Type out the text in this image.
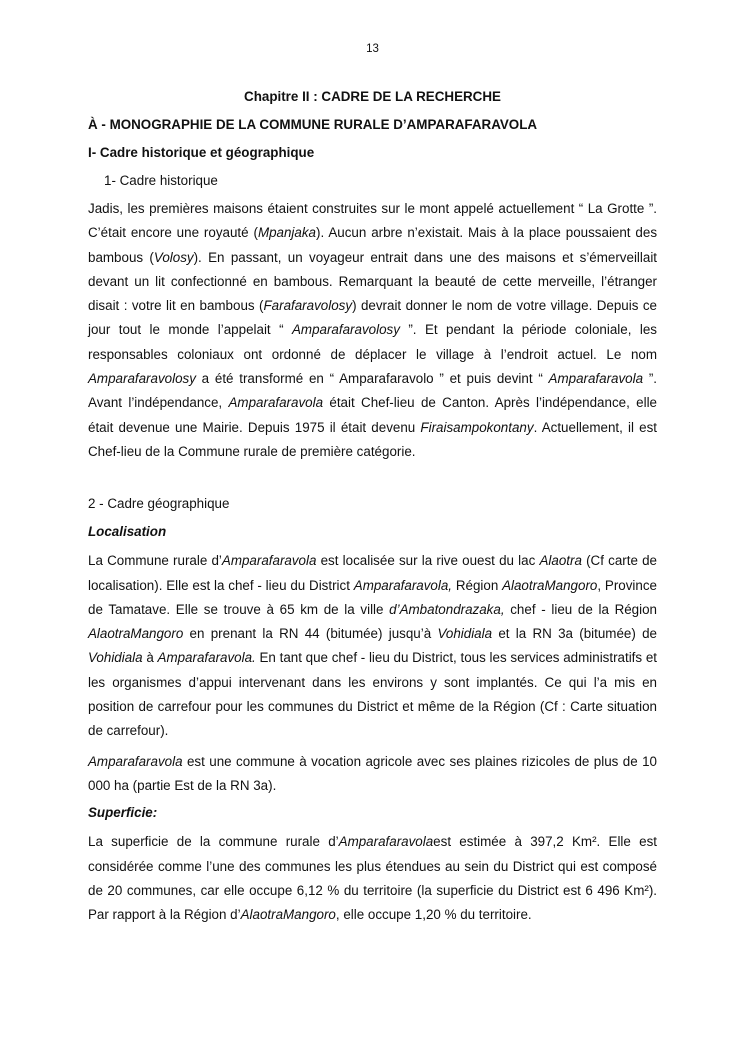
13
Chapitre II : CADRE DE LA RECHERCHE
À - MONOGRAPHIE DE LA COMMUNE RURALE D’AMPARAFARAVOLA
I- Cadre historique et géographique
1- Cadre historique

Jadis, les premières maisons étaient construites sur le mont appelé actuellement “ La Grotte ”. C’était encore une royauté (Mpanjaka). Aucun arbre n’existait. Mais à la place poussaient des bambous (Volosy). En passant, un voyageur entrait dans une des maisons et s’émerveillait devant un lit confectionné en bambous. Remarquant la beauté de cette merveille, l’étranger disait : votre lit en bambous (Farafaravolosy) devrait donner le nom de votre village. Depuis ce jour tout le monde l’appelait “ Amparafaravolosy ”. Et pendant la période coloniale, les responsables coloniaux ont ordonné de déplacer le village à l’endroit actuel. Le nom Amparafaravolosy a été transformé en “ Amparafaravolo ” et puis devint “ Amparafaravola ”. Avant l’indépendance, Amparafaravola était Chef-lieu de Canton. Après l’indépendance, elle était devenue une Mairie. Depuis 1975 il était devenu Firaisampokontany. Actuellement, il est Chef-lieu de la Commune rurale de première catégorie.

2 - Cadre géographique
Localisation

La Commune rurale d’Amparafaravola est localisée sur la rive ouest du lac Alaotra (Cf carte de localisation). Elle est la chef - lieu du District Amparafaravola, Région AlaotraMangoro, Province de Tamatave. Elle se trouve à 65 km de la ville d’Ambatondrazaka, chef - lieu de la Région AlaotraMangoro en prenant la RN 44 (bitumée) jusqu’à Vohidiala et la RN 3a (bitumée) de Vohidiala à Amparafaravola. En tant que chef - lieu du District, tous les services administratifs et les organismes d’appui intervenant dans les environs y sont implantés. Ce qui l’a mis en position de carrefour pour les communes du District et même de la Région (Cf : Carte situation de carrefour).

Amparafaravola est une commune à vocation agricole avec ses plaines rizicoles de plus de 10 000 ha (partie Est de la RN 3a).

Superficie:

La superficie de la commune rurale d’Amparafaravolaest estimée à 397,2 Km². Elle est considérée comme l’une des communes les plus étendues au sein du District qui est composé de 20 communes, car elle occupe 6,12 % du territoire (la superficie du District est 6 496 Km²). Par rapport à la Région d’AlaotraMangoro, elle occupe 1,20 % du territoire.
